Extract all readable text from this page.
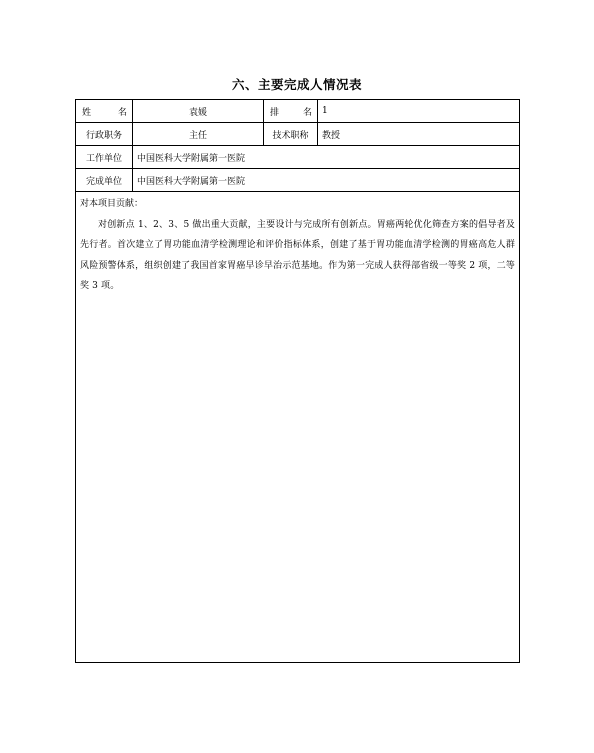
六、主要完成人情况表
姓	名	袁媛	排	名	1
行政职务	主任	技术职称	教授
工作单位	中国医科大学附属第一医院
完成单位	中国医科大学附属第一医院
对本项目贡献：
对创新点 1、2、3、5 做出重大贡献，主要设计与完成所有创新点。胃癌两轮优化筛查方案的倡导者及先行者。首次建立了胃功能血清学检测理论和评价指标体系，创建了基于胃功能血清学检测的胃癌高危人群风险预警体系，组织创建了我国首家胃癌早诊早治示范基地。作为第一完成人获得部省级一等奖 2 项，二等奖 3 项。
